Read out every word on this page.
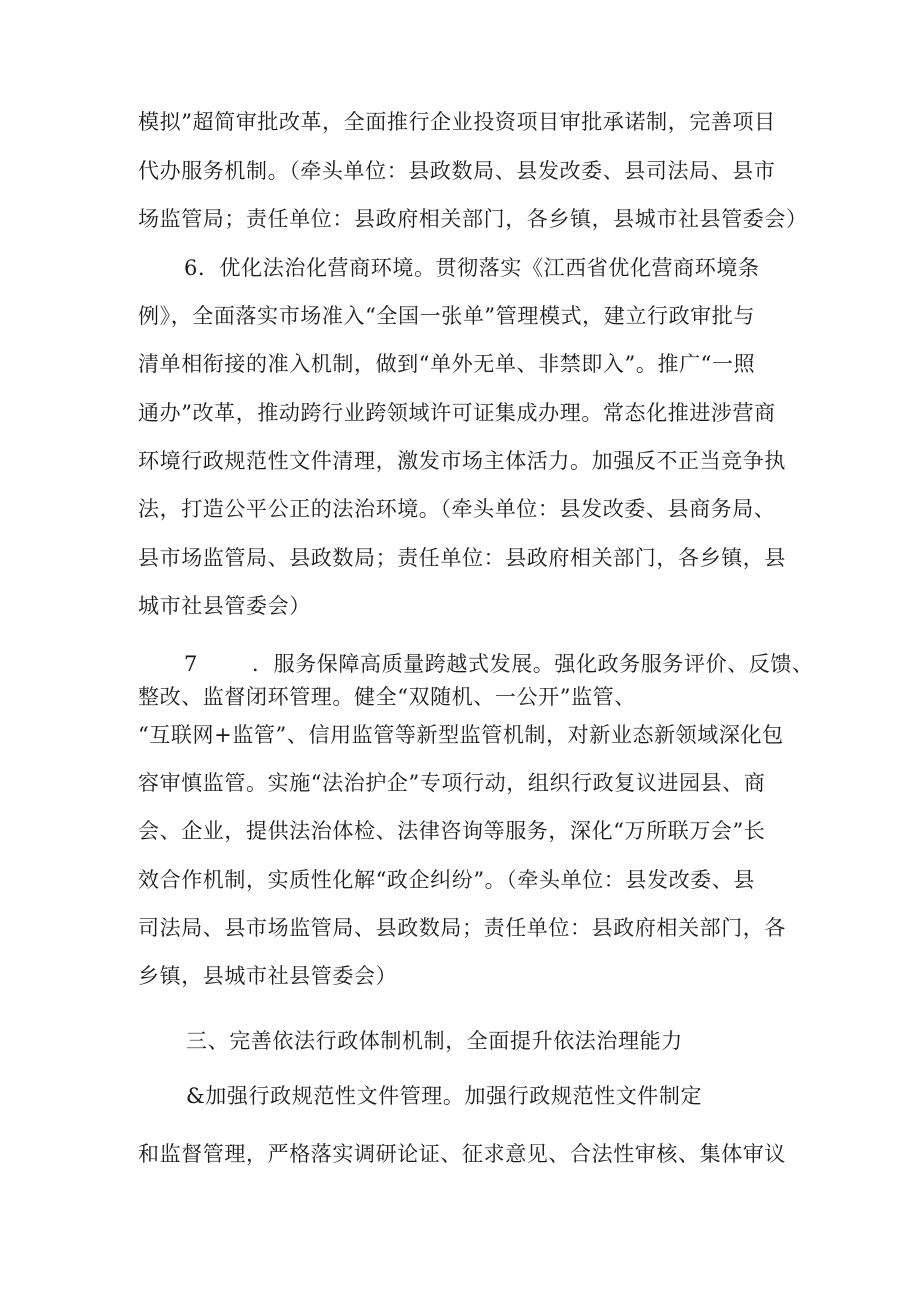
模拟”超简审批改革，全面推行企业投资项目审批承诺制，完善项目
代办服务机制。（牵头单位：县政数局、县发改委、县司法局、县市
场监管局；责任单位：县政府相关部门，各乡镇，县城市社县管委会）
6．优化法治化营商环境。贯彻落实《江西省优化营商环境条
例》，全面落实市场准入“全国一张单”管理模式，建立行政审批与
清单相衔接的准入机制，做到“单外无单、非禁即入”。推广“一照
通办”改革，推动跨行业跨领域许可证集成办理。常态化推进涉营商
环境行政规范性文件清理，激发市场主体活力。加强反不正当竞争执
法，打造公平公正的法治环境。（牵头单位：县发改委、县商务局、
县市场监管局、县政数局；责任单位：县政府相关部门，各乡镇，县
城市社县管委会）
7	．服务保障高质量跨越式发展。强化政务服务评价、反馈、
整改、监督闭环管理。健全“双随机、一公开”监管、
“互联网+监管”、信用监管等新型监管机制，对新业态新领域深化包
容审慎监管。实施“法治护企”专项行动，组织行政复议进园县、商
会、企业，提供法治体检、法律咨询等服务，深化“万所联万会”长
效合作机制，实质性化解“政企纠纷”。（牵头单位：县发改委、县
司法局、县市场监管局、县政数局；责任单位：县政府相关部门，各
乡镇，县城市社县管委会）
三、完善依法行政体制机制，全面提升依法治理能力
&加强行政规范性文件管理。加强行政规范性文件制定
和监督管理，严格落实调研论证、征求意见、合法性审核、集体审议
